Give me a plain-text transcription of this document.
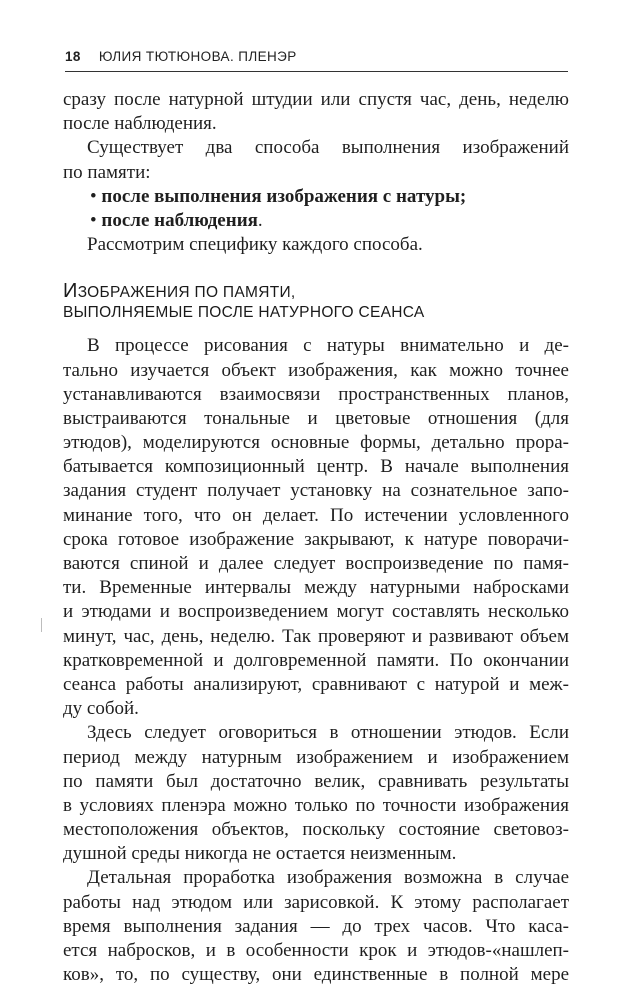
18 ЮЛИЯ ТЮТЮНОВА. ПЛЕНЭР
сразу после натурной штудии или спустя час, день, неделю
после наблюдения.
Существует два способа выполнения изображений
по памяти:
• после выполнения изображения с натуры;
• после наблюдения.
Рассмотрим специфику каждого способа.
ИЗОБРАЖЕНИЯ ПО ПАМЯТИ,
ВЫПОЛНЯЕМЫЕ ПОСЛЕ НАТУРНОГО СЕАНСА
В процессе рисования с натуры внимательно и де-
тально изучается объект изображения, как можно точнее
устанавливаются взаимосвязи пространственных планов,
выстраиваются тональные и цветовые отношения (для
этюдов), моделируются основные формы, детально прора-
батывается композиционный центр. В начале выполнения
задания студент получает установку на сознательное запо-
минание того, что он делает. По истечении условленного
срока готовое изображение закрывают, к натуре поворачи-
ваются спиной и далее следует воспроизведение по памя-
ти. Временные интервалы между натурными набросками
и этюдами и воспроизведением могут составлять несколько
минут, час, день, неделю. Так проверяют и развивают объем
кратковременной и долговременной памяти. По окончании
сеанса работы анализируют, сравнивают с натурой и меж-
ду собой.
Здесь следует оговориться в отношении этюдов. Если
период между натурным изображением и изображением
по памяти был достаточно велик, сравнивать результаты
в условиях пленэра можно только по точности изображения
местоположения объектов, поскольку состояние световоз-
душной среды никогда не остается неизменным.
Детальная проработка изображения возможна в случае
работы над этюдом или зарисовкой. К этому располагает
время выполнения задания — до трех часов. Что каса-
ется набросков, и в особенности крок и этюдов-«нашлеп-
ков», то, по существу, они единственные в полной мере
